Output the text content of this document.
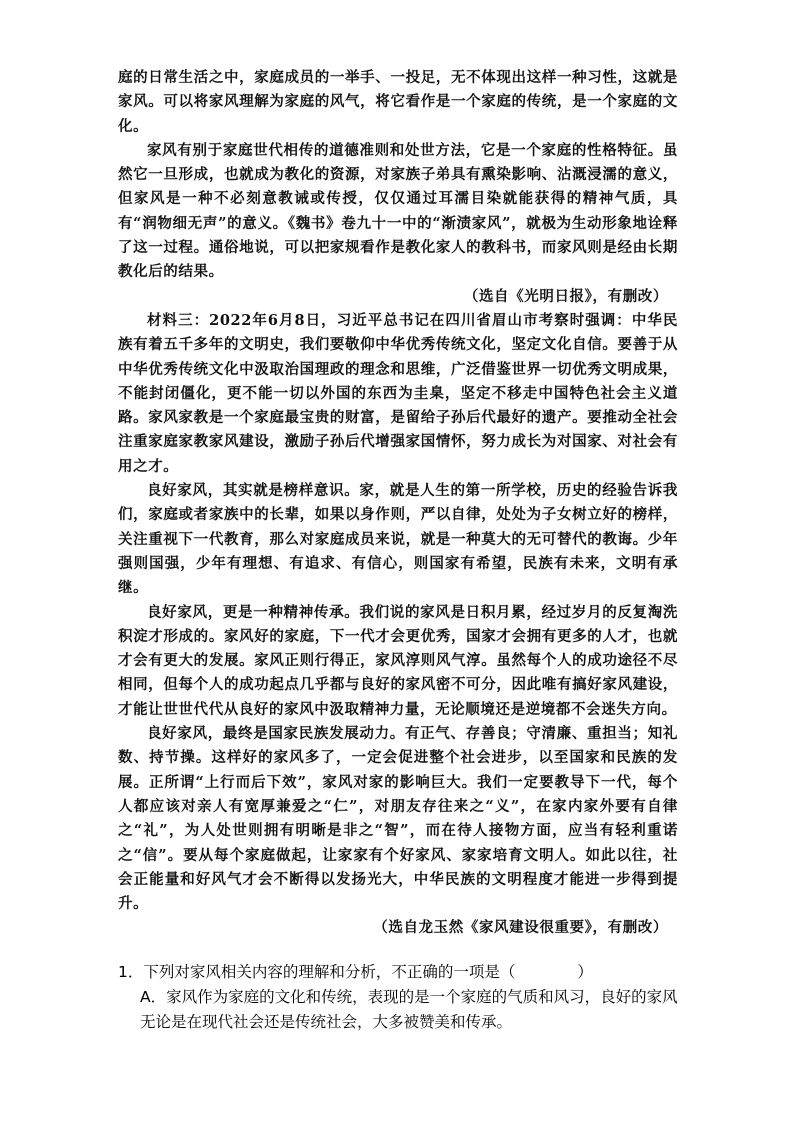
庭的日常生活之中，家庭成员的一举手、一投足，无不体现出这样一种习性，这就是家风。可以将家风理解为家庭的风气，将它看作是一个家庭的传统，是一个家庭的文化。

家风有别于家庭世代相传的道德准则和处世方法，它是一个家庭的性格特征。虽然它一旦形成，也就成为教化的资源，对家族子弟具有熏染影响、沾溉浸濡的意义，但家风是一种不必刻意教诫或传授，仅仅通过耳濡目染就能获得的精神气质，具有“润物细无声”的意义。《魏书》卷九十一中的“渐渍家风”，就极为生动形象地诠释了这一过程。通俗地说，可以把家规看作是教化家人的教科书，而家风则是经由长期教化后的结果。

（选自《光明日报》，有删改）

材料三：2022年6月8日，习近平总书记在四川省眉山市考察时强调：中华民族有着五千多年的文明史，我们要敬仰中华优秀传统文化，坚定文化自信。要善于从中华优秀传统文化中汲取治国理政的理念和思维，广泛借鉴世界一切优秀文明成果，不能封闭僵化，更不能一切以外国的东西为圭臬，坚定不移走中国特色社会主义道路。家风家教是一个家庭最宝贵的财富，是留给子孙后代最好的遗产。要推动全社会注重家庭家教家风建设，激励子孙后代增强家国情怀，努力成长为对国家、对社会有用之才。

良好家风，其实就是榜样意识。家，就是人生的第一所学校，历史的经验告诉我们，家庭或者家族中的长辈，如果以身作则，严以自律，处处为子女树立好的榜样，关注重视下一代教育，那么对家庭成员来说，就是一种莫大的无可替代的教诲。少年强则国强，少年有理想、有追求、有信心，则国家有希望，民族有未来，文明有承继。

良好家风，更是一种精神传承。我们说的家风是日积月累，经过岁月的反复淘洗积淀才形成的。家风好的家庭，下一代才会更优秀，国家才会拥有更多的人才，也就才会有更大的发展。家风正则行得正，家风淳则风气淳。虽然每个人的成功途径不尽相同，但每个人的成功起点几乎都与良好的家风密不可分，因此唯有搞好家风建设，才能让世世代代从良好的家风中汲取精神力量，无论顺境还是逆境都不会迷失方向。

良好家风，最终是国家民族发展动力。有正气、存善良；守清廉、重担当；知礼数、持节操。这样好的家风多了，一定会促进整个社会进步，以至国家和民族的发展。正所谓“上行而后下效”，家风对家的影响巨大。我们一定要教导下一代，每个人都应该对亲人有宽厚兼爱之“仁”，对朋友存往来之“义”，在家内家外要有自律之“礼”，为人处世则拥有明晰是非之“智”，而在待人接物方面，应当有轻利重诺之“信”。要从每个家庭做起，让家家有个好家风、家家培育文明人。如此以往，社会正能量和好风气才会不断得以发扬光大，中华民族的文明程度才能进一步得到提升。

（选自龙玉然《家风建设很重要》，有删改）

1．下列对家风相关内容的理解和分析，不正确的一项是（　　　　）

A．家风作为家庭的文化和传统，表现的是一个家庭的气质和风习，良好的家风无论是在现代社会还是传统社会，大多被赞美和传承。
